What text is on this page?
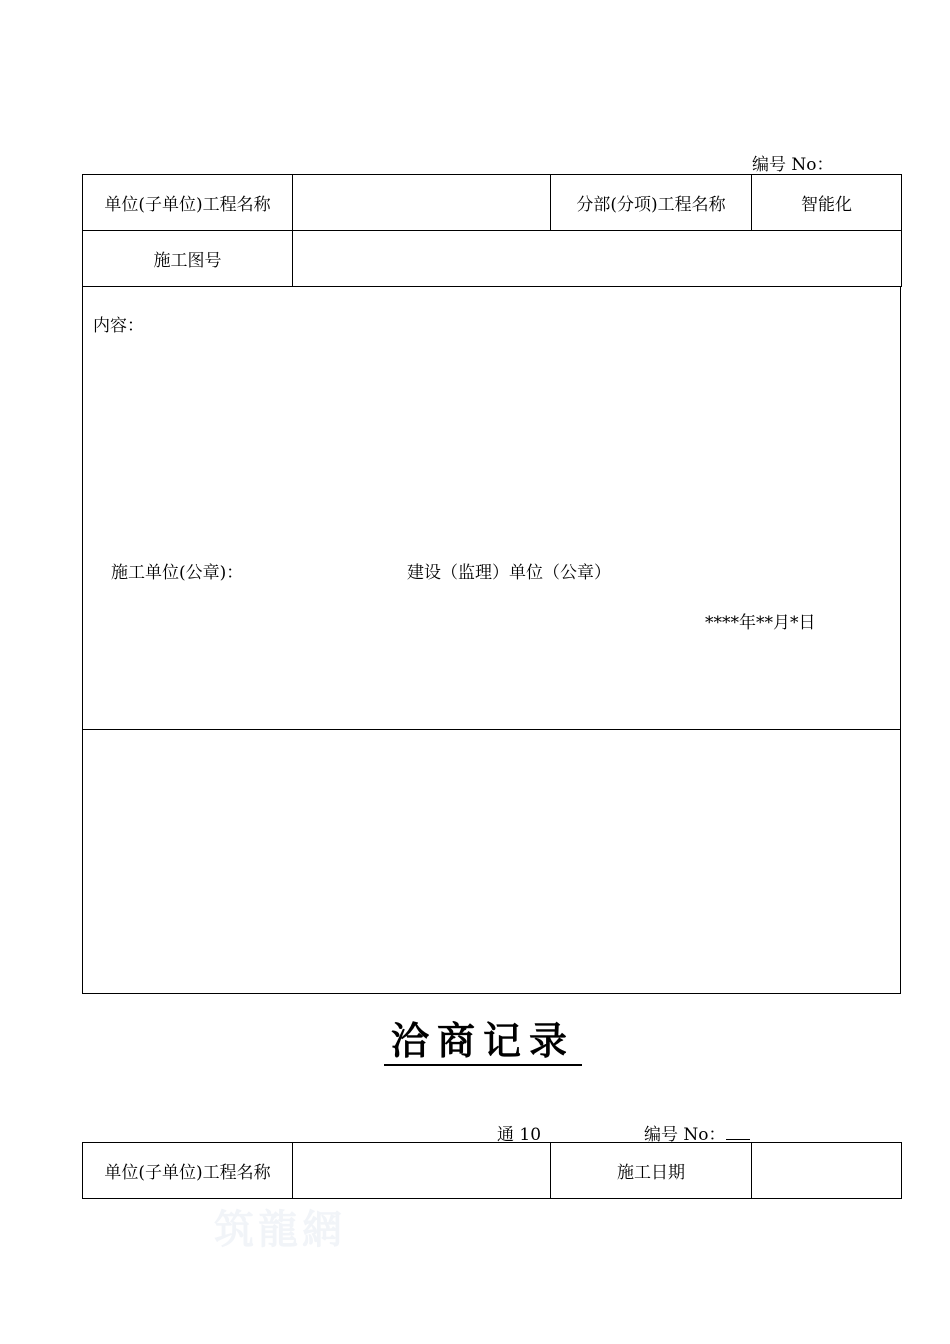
编号 No：
单位(子单位)工程名称		分部(分项)工程名称	智能化
施工图号			
内容：
施工单位(公章)：	建设（监理）单位（公章）
****年**月*日
洽商记录
通 10	编号 No：
单位(子单位)工程名称		施工日期	
筑龍網
